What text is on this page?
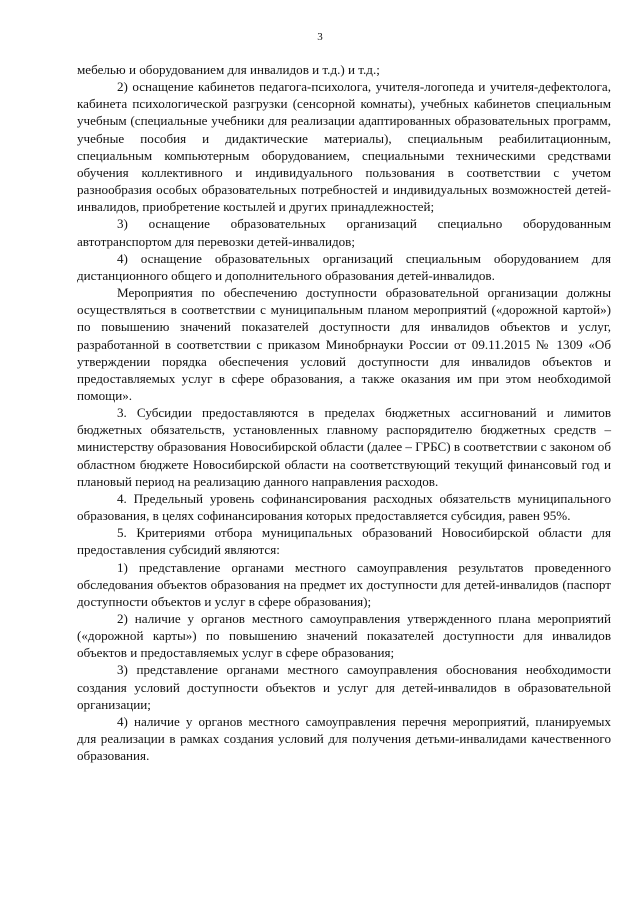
3

мебелью и оборудованием для инвалидов и т.д.) и т.д.;

2) оснащение кабинетов педагога-психолога, учителя-логопеда и учителя-дефектолога, кабинета психологической разгрузки (сенсорной комнаты), учебных кабинетов специальным учебным (специальные учебники для реализации адаптированных образовательных программ, учебные пособия и дидактические материалы), специальным реабилитационным, специальным компьютерным оборудованием, специальными техническими средствами обучения коллективного и индивидуального пользования в соответствии с учетом разнообразия особых образовательных потребностей и индивидуальных возможностей детей-инвалидов, приобретение костылей и других принадлежностей;

3) оснащение образовательных организаций специально оборудованным автотранспортом для перевозки детей-инвалидов;

4) оснащение образовательных организаций специальным оборудованием для дистанционного общего и дополнительного образования детей-инвалидов.

Мероприятия по обеспечению доступности образовательной организации должны осуществляться в соответствии с муниципальным планом мероприятий («дорожной картой») по повышению значений показателей доступности для инвалидов объектов и услуг, разработанной в соответствии с приказом Минобрнауки России от 09.11.2015 № 1309 «Об утверждении порядка обеспечения условий доступности для инвалидов объектов и предоставляемых услуг в сфере образования, а также оказания им при этом необходимой помощи».

3. Субсидии предоставляются в пределах бюджетных ассигнований и лимитов бюджетных обязательств, установленных главному распорядителю бюджетных средств – министерству образования Новосибирской области (далее – ГРБС) в соответствии с законом об областном бюджете Новосибирской области на соответствующий текущий финансовый год и плановый период на реализацию данного направления расходов.

4. Предельный уровень софинансирования расходных обязательств муниципального образования, в целях софинансирования которых предоставляется субсидия, равен 95%.

5. Критериями отбора муниципальных образований Новосибирской области для предоставления субсидий являются:

1) представление органами местного самоуправления результатов проведенного обследования объектов образования на предмет их доступности для детей-инвалидов (паспорт доступности объектов и услуг в сфере образования);

2) наличие у органов местного самоуправления утвержденного плана мероприятий («дорожной карты») по повышению значений показателей доступности для инвалидов объектов и предоставляемых услуг в сфере образования;

3) представление органами местного самоуправления обоснования необходимости создания условий доступности объектов и услуг для детей-инвалидов в образовательной организации;

4) наличие у органов местного самоуправления перечня мероприятий, планируемых для реализации в рамках создания условий для получения детьми-инвалидами качественного образования.
